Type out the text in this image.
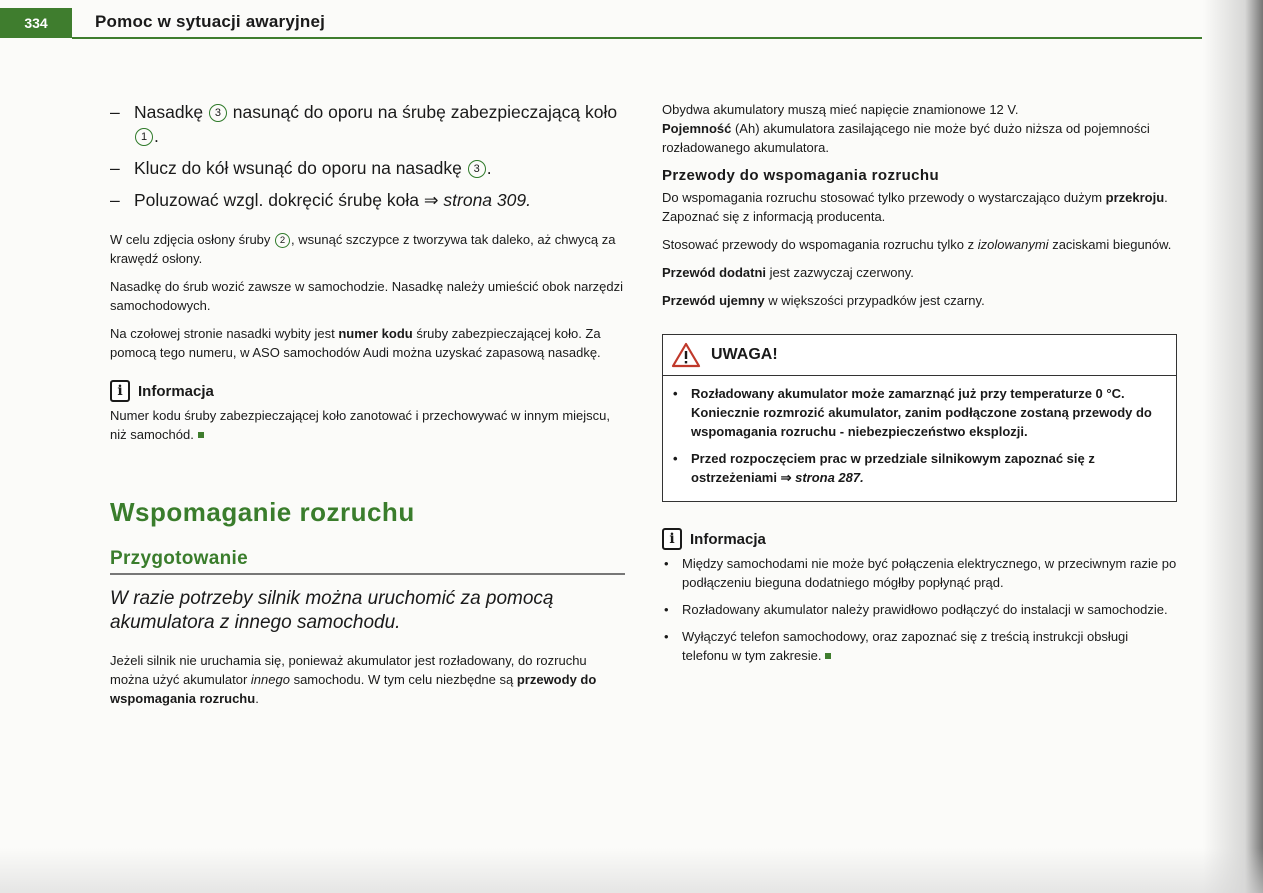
334	Pomoc w sytuacji awaryjnej
– Nasadkę 3 nasunąć do oporu na śrubę zabezpieczającą koło 1 .
– Klucz do kół wsunąć do oporu na nasadkę 3 .
– Poluzować wzgl. dokręcić śrubę koła ⇒ strona 309.

W celu zdjęcia osłony śruby 2 , wsunąć szczypce z tworzywa tak daleko, aż chwycą za krawędź osłony.

Nasadkę do śrub wozić zawsze w samochodzie. Nasadkę należy umieścić obok narzędzi samochodowych.

Na czołowej stronie nasadki wybity jest numer kodu śruby zabezpieczającej koło. Za pomocą tego numeru, w ASO samochodów Audi można uzyskać zapasową nasadkę.

i	Informacja

Numer kodu śruby zabezpieczającej koło zanotować i przechowywać w innym miejscu, niż samochód.

Wspomaganie rozruchu
Przygotowanie

W razie potrzeby silnik można uruchomić za pomocą akumulatora z innego samochodu.

Jeżeli silnik nie uruchamia się, ponieważ akumulator jest rozładowany, do rozruchu można użyć akumulator innego samochodu. W tym celu niezbędne są przewody do wspomagania rozruchu.

Obydwa akumulatory muszą mieć napięcie znamionowe 12 V.

Pojemność (Ah) akumulatora zasilającego nie może być dużo niższa od pojemności rozładowanego akumulatora.

Przewody do wspomagania rozruchu

Do wspomagania rozruchu stosować tylko przewody o wystarczająco dużym przekroju. Zapoznać się z informacją producenta.

Stosować przewody do wspomagania rozruchu tylko z izolowanymi zaciskami biegunów.

Przewód dodatni jest zazwyczaj czerwony.

Przewód ujemny w większości przypadków jest czarny.

UWAGA!
• Rozładowany akumulator może zamarznąć już przy temperaturze 0 °C. Koniecznie rozmrozić akumulator, zanim podłączone zostaną przewody do wspomagania rozruchu - niebezpieczeństwo eksplozji.
• Przed rozpoczęciem prac w przedziale silnikowym zapoznać się z ostrzeżeniami ⇒ strona 287.
i	Informacja
• Między samochodami nie może być połączenia elektrycznego, w przeciwnym razie po podłączeniu bieguna dodatniego mógłby popłynąć prąd.
• Rozładowany akumulator należy prawidłowo podłączyć do instalacji w samochodzie.
• Wyłączyć telefon samochodowy, oraz zapoznać się z treścią instrukcji obsługi telefonu w tym zakresie.
